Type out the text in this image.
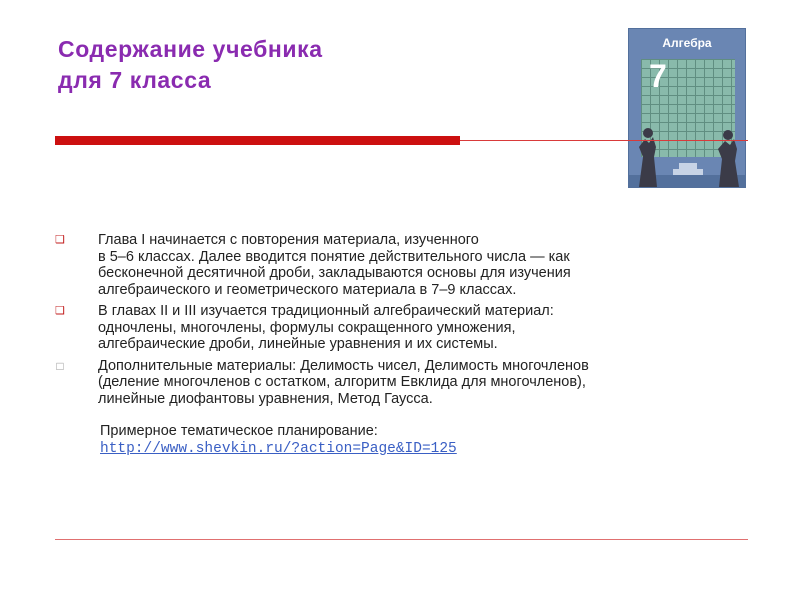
Содержание учебника
для 7 класса
Алгебра
7
❑ Глава I начинается с повторения материала, изученного
в 5–6 классах. Далее вводится понятие действительного числа — как
бесконечной десятичной дроби, закладываются основы для изучения
алгебраического и геометрического материала в 7–9 классах.
❑ В главах II и III изучается традиционный алгебраический материал:
одночлены, многочлены, формулы сокращенного умножения,
алгебраические дроби, линейные уравнения и их системы.
□ Дополнительные материалы: Делимость чисел, Делимость многочленов
(деление многочленов с остатком, алгоритм Евклида для многочленов),
линейные диофантовы уравнения, Метод Гаусса.
Примерное тематическое планирование:
http://www.shevkin.ru/?action=Page&ID=125
